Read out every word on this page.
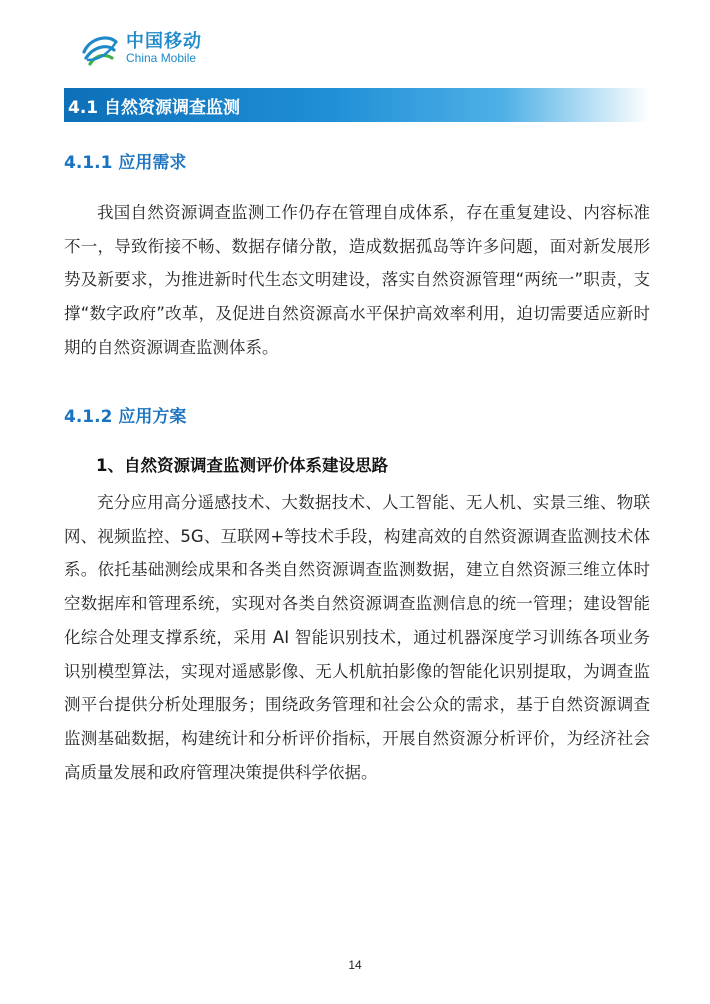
中国移动
China Mobile
4.1 自然资源调查监测
4.1.1 应用需求

我国自然资源调查监测工作仍存在管理自成体系，存在重复建设、内容标准不一，导致衔接不畅、数据存储分散，造成数据孤岛等许多问题，面对新发展形势及新要求，为推进新时代生态文明建设，落实自然资源管理“两统一”职责，支撑“数字政府”改革，及促进自然资源高水平保护高效率利用，迫切需要适应新时期的自然资源调查监测体系。

4.1.2 应用方案
1、自然资源调查监测评价体系建设思路

充分应用高分遥感技术、大数据技术、人工智能、无人机、实景三维、物联网、视频监控、5G、互联网+等技术手段，构建高效的自然资源调查监测技术体系。依托基础测绘成果和各类自然资源调查监测数据，建立自然资源三维立体时空数据库和管理系统，实现对各类自然资源调查监测信息的统一管理；建设智能化综合处理支撑系统，采用 AI 智能识别技术，通过机器深度学习训练各项业务识别模型算法，实现对遥感影像、无人机航拍影像的智能化识别提取，为调查监测平台提供分析处理服务；围绕政务管理和社会公众的需求，基于自然资源调查监测基础数据，构建统计和分析评价指标，开展自然资源分析评价，为经济社会高质量发展和政府管理决策提供科学依据。

14
